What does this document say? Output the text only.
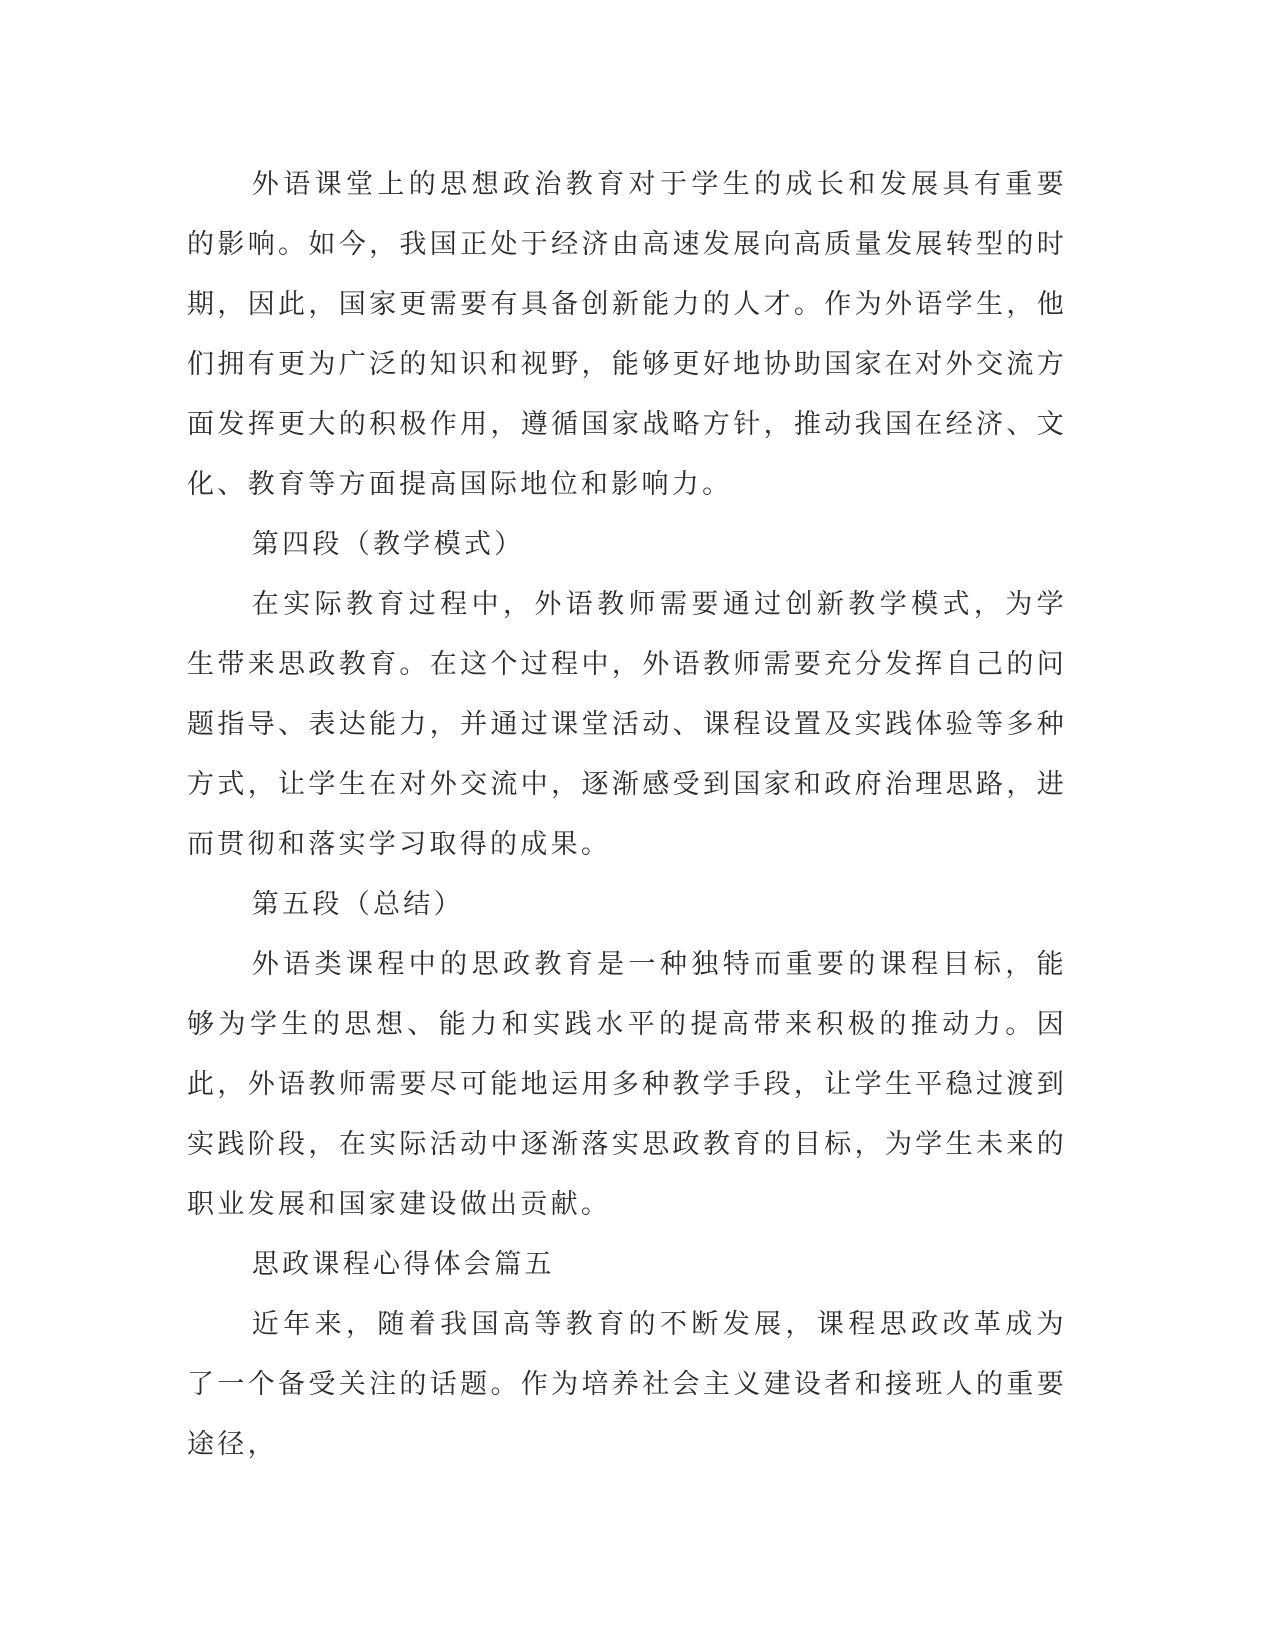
外语课堂上的思想政治教育对于学生的成长和发展具有重要的影响。如今，我国正处于经济由高速发展向高质量发展转型的时期，因此，国家更需要有具备创新能力的人才。作为外语学生，他们拥有更为广泛的知识和视野，能够更好地协助国家在对外交流方面发挥更大的积极作用，遵循国家战略方针，推动我国在经济、文化、教育等方面提高国际地位和影响力。

第四段（教学模式）

在实际教育过程中，外语教师需要通过创新教学模式，为学生带来思政教育。在这个过程中，外语教师需要充分发挥自己的问题指导、表达能力，并通过课堂活动、课程设置及实践体验等多种方式，让学生在对外交流中，逐渐感受到国家和政府治理思路，进而贯彻和落实学习取得的成果。

第五段（总结）

外语类课程中的思政教育是一种独特而重要的课程目标，能够为学生的思想、能力和实践水平的提高带来积极的推动力。因此，外语教师需要尽可能地运用多种教学手段，让学生平稳过渡到实践阶段，在实际活动中逐渐落实思政教育的目标，为学生未来的职业发展和国家建设做出贡献。

思政课程心得体会篇五

近年来，随着我国高等教育的不断发展，课程思政改革成为了一个备受关注的话题。作为培养社会主义建设者和接班人的重要途径，
